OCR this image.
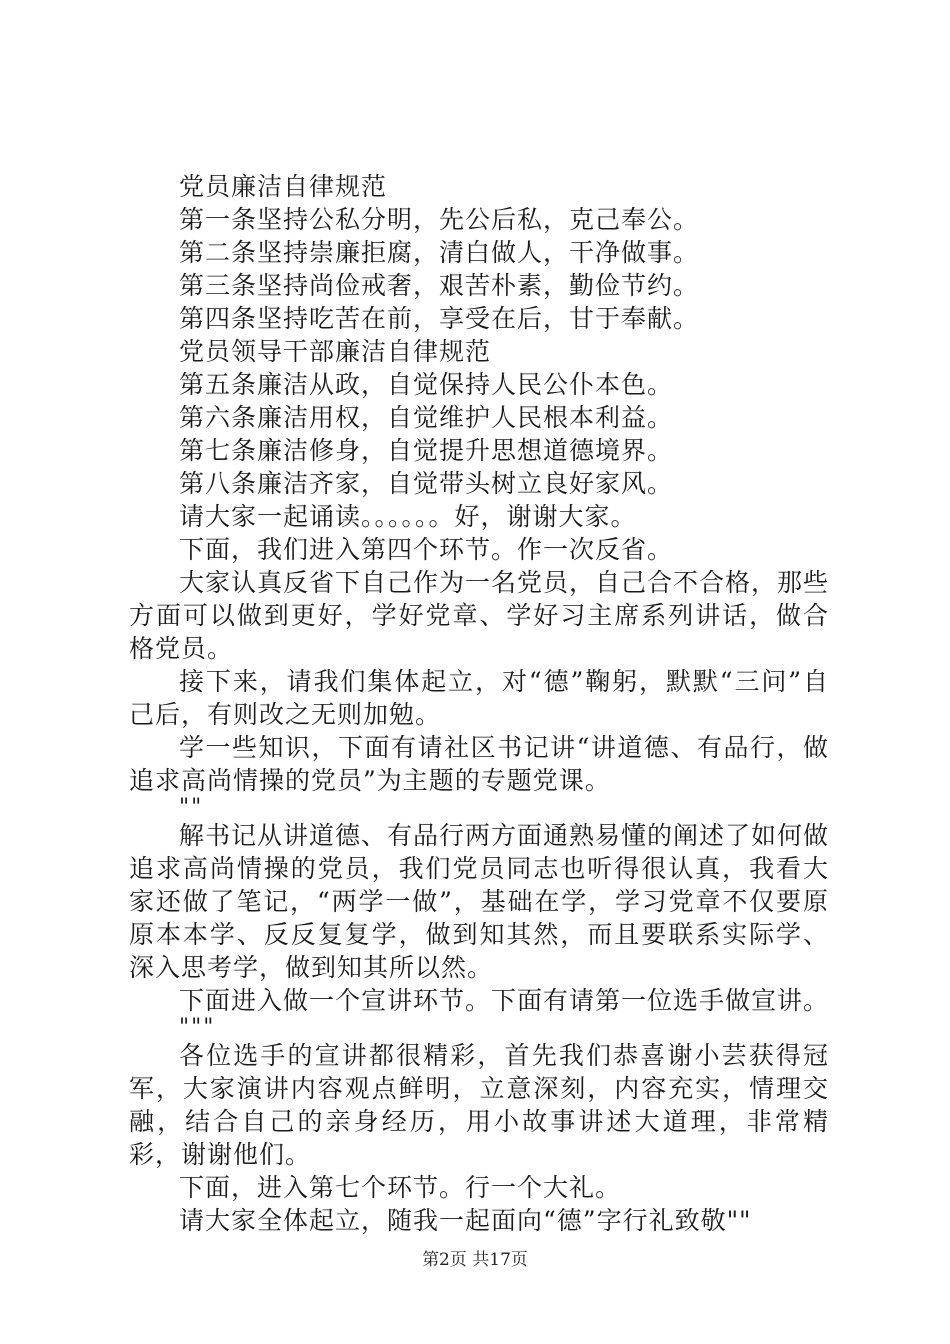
党员廉洁自律规范

第一条坚持公私分明，先公后私，克己奉公。

第二条坚持崇廉拒腐，清白做人，干净做事。

第三条坚持尚俭戒奢，艰苦朴素，勤俭节约。

第四条坚持吃苦在前，享受在后，甘于奉献。

党员领导干部廉洁自律规范

第五条廉洁从政，自觉保持人民公仆本色。

第六条廉洁用权，自觉维护人民根本利益。

第七条廉洁修身，自觉提升思想道德境界。

第八条廉洁齐家，自觉带头树立良好家风。

请大家一起诵读。。。。。。好，谢谢大家。

下面，我们进入第四个环节。作一次反省。

大家认真反省下自己作为一名党员，自己合不合格，那些方面可以做到更好，学好党章、学好习主席系列讲话，做合格党员。

接下来，请我们集体起立，对“德”鞠躬，默默“三问”自己后，有则改之无则加勉。

学一些知识，下面有请社区书记讲“讲道德、有品行，做追求高尚情操的党员”为主题的专题党课。

""

解书记从讲道德、有品行两方面通熟易懂的阐述了如何做追求高尚情操的党员，我们党员同志也听得很认真，我看大家还做了笔记，“两学一做”，基础在学，学习党章不仅要原原本本学、反反复复学，做到知其然，而且要联系实际学、深入思考学，做到知其所以然。

下面进入做一个宣讲环节。下面有请第一位选手做宣讲。

"""

各位选手的宣讲都很精彩，首先我们恭喜谢小芸获得冠军，大家演讲内容观点鲜明，立意深刻，内容充实，情理交融，结合自己的亲身经历，用小故事讲述大道理，非常精彩，谢谢他们。

下面，进入第七个环节。行一个大礼。

请大家全体起立，随我一起面向“德”字行礼致敬""

第2页 共17页
